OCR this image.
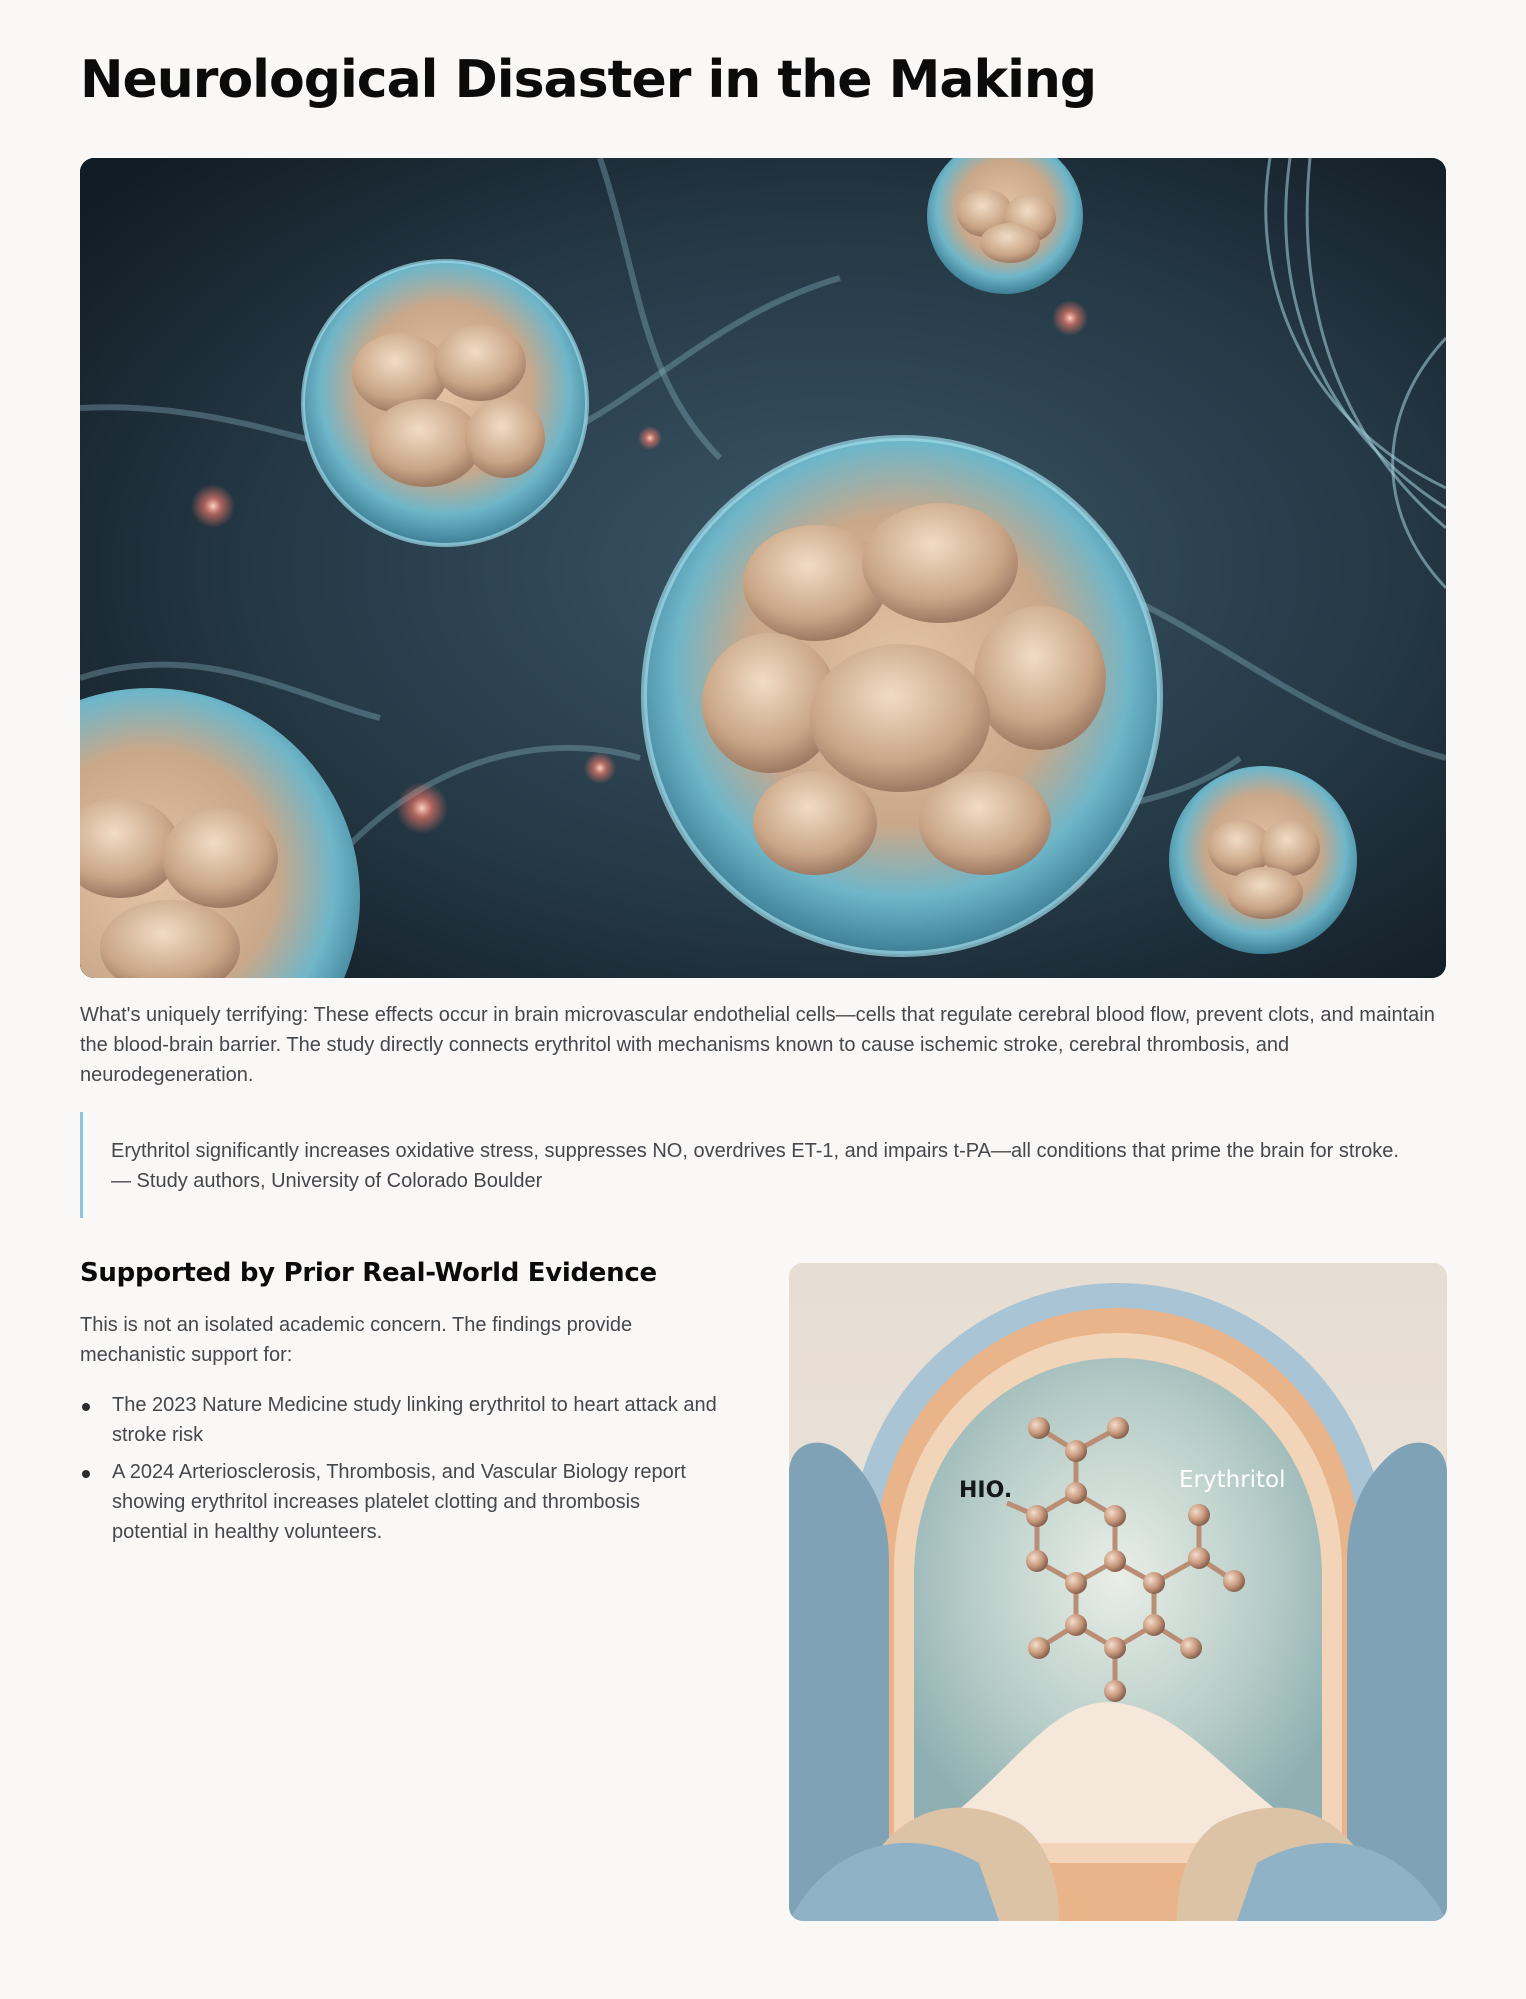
Neurological Disaster in the Making

What's uniquely terrifying: These effects occur in brain microvascular endothelial cells—cells that regulate cerebral blood flow, prevent clots, and maintain the blood-brain barrier. The study directly connects erythritol with mechanisms known to cause ischemic stroke, cerebral thrombosis, and neurodegeneration.

Erythritol significantly increases oxidative stress, suppresses NO, overdrives ET-1, and impairs t-PA—all conditions that prime the brain for stroke.
— Study authors, University of Colorado Boulder
Supported by Prior Real-World Evidence

This is not an isolated academic concern. The findings provide mechanistic support for:

The 2023 Nature Medicine study linking erythritol to heart attack and stroke risk
A 2024 Arteriosclerosis, Thrombosis, and Vascular Biology report showing erythritol increases platelet clotting and thrombosis potential in healthy volunteers.
HIO.	Erythritol
